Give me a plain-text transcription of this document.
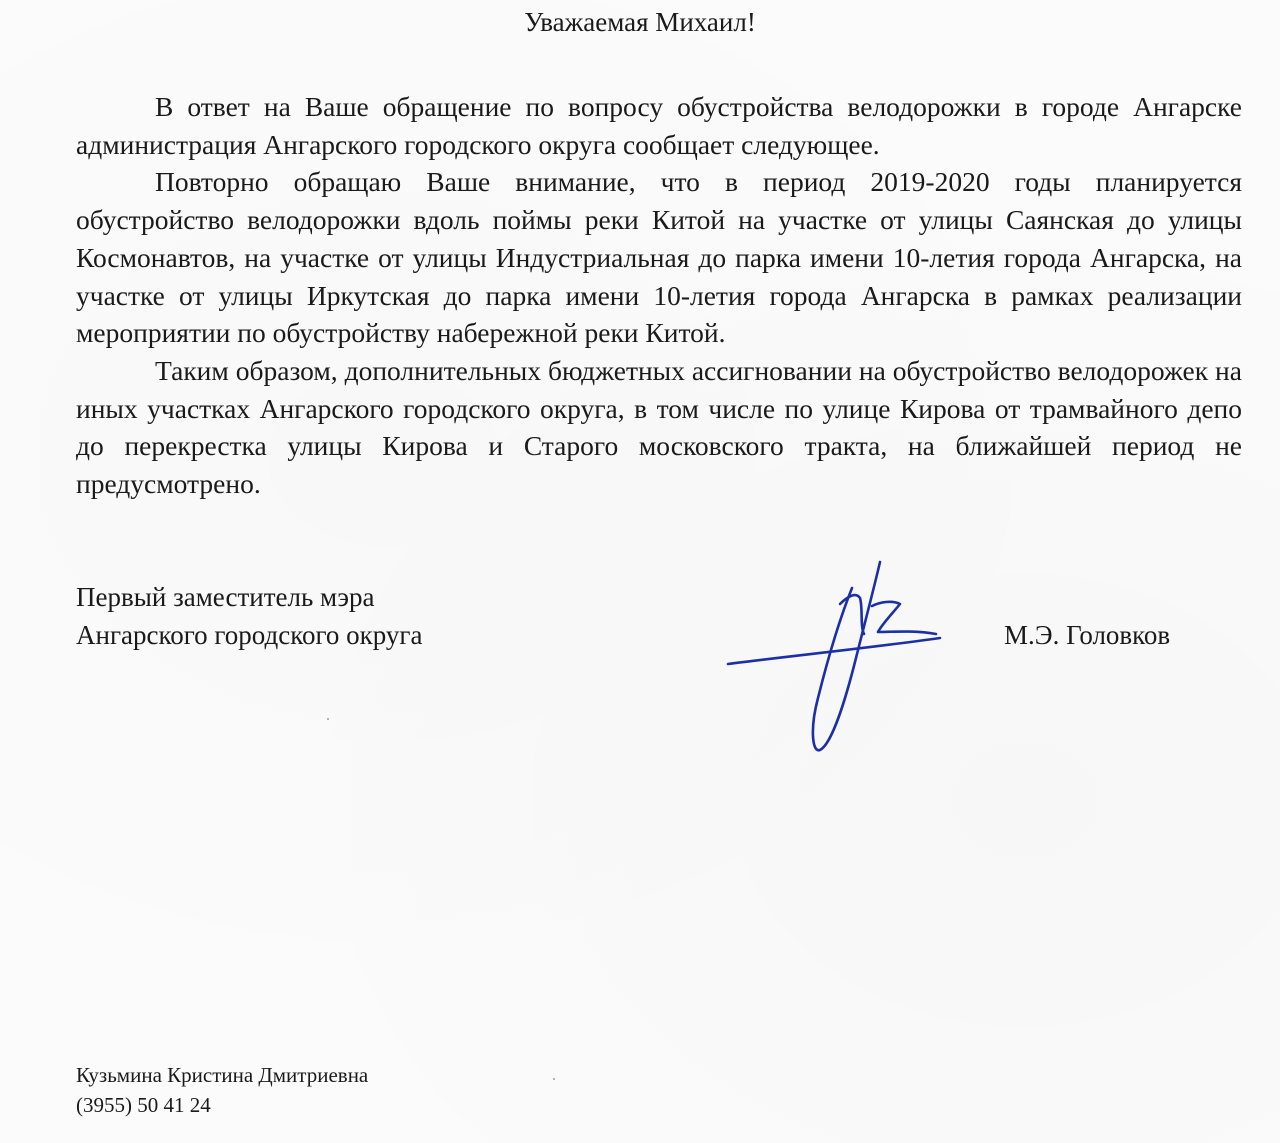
Уважаемая Михаил!

В ответ на Ваше обращение по вопросу обустройства велодорожки в городе Ангарске администрация Ангарского городского округа сообщает следующее.

Повторно обращаю Ваше внимание, что в период 2019-2020 годы планируется обустройство велодорожки вдоль поймы реки Китой на участке от улицы Саянская до улицы Космонавтов, на участке от улицы Индустриальная до парка имени 10-летия города Ангарска, на участке от улицы Иркутская до парка имени 10-летия города Ангарска в рамках реализации мероприятии по обустройству набережной реки Китой.

Таким образом, дополнительных бюджетных ассигновании на обустройство велодорожек на иных участках Ангарского городского округа, в том числе по улице Кирова от трамвайного депо до перекрестка улицы Кирова и Старого московского тракта, на ближайшей период не предусмотрено.

Первый заместитель мэра
Ангарского городского округа	М.Э. Головков
Кузьмина Кристина Дмитриевна
(3955) 50 41 24
